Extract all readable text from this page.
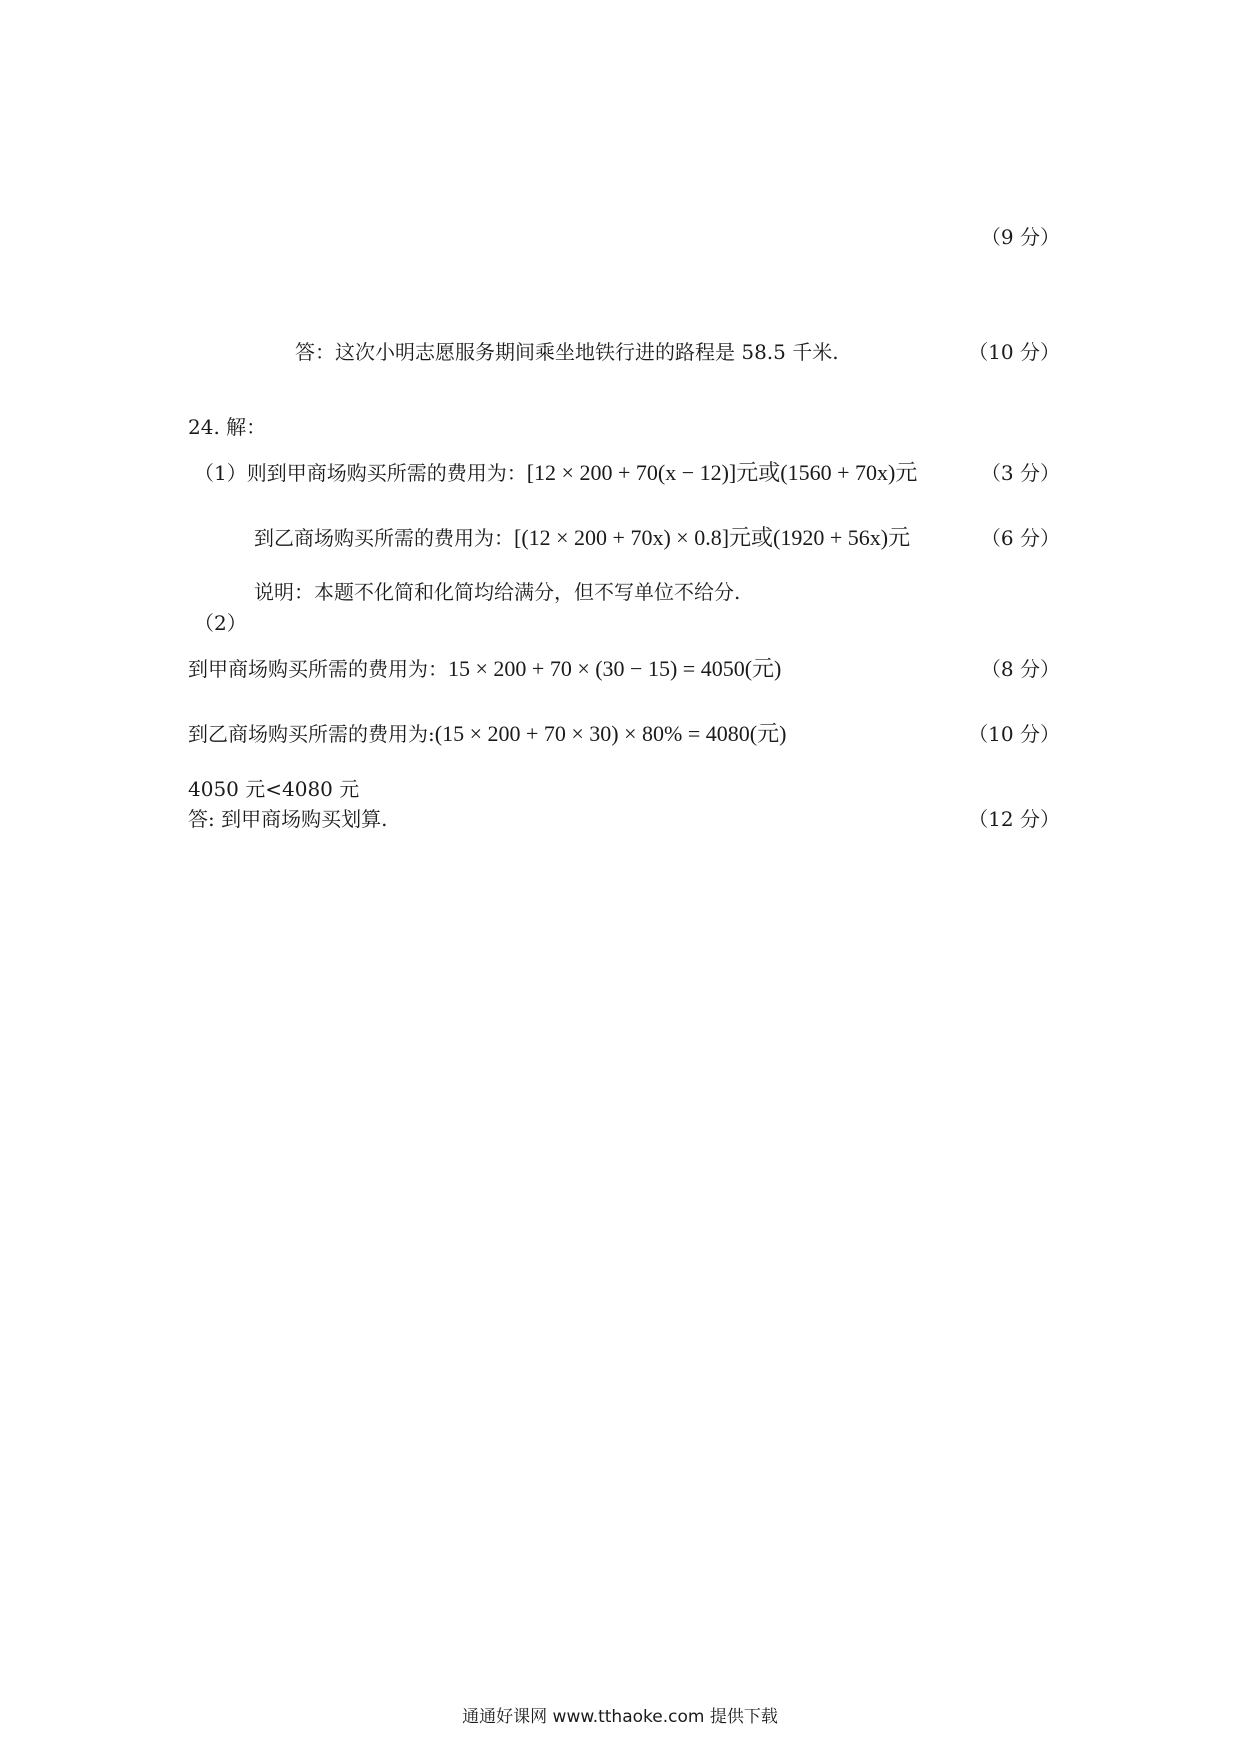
（9 分）
答：这次小明志愿服务期间乘坐地铁行进的路程是 58.5 千米.	（10 分）
24. 解：
（1）则到甲商场购买所需的费用为：[12 × 200 + 70(x − 12)]元或(1560 + 70x)元	（3 分）
到乙商场购买所需的费用为：[(12 × 200 + 70x) × 0.8]元或(1920 + 56x)元	（6 分）
说明：本题不化简和化简均给满分，但不写单位不给分.
（2）
到甲商场购买所需的费用为：15 × 200 + 70 × (30 − 15) = 4050(元)	（8 分）
到乙商场购买所需的费用为:(15 × 200 + 70 × 30) × 80% = 4080(元)	（10 分）
4050 元<4080 元
答: 到甲商场购买划算.	（12 分）
通通好课网 www.tthaoke.com 提供下载
